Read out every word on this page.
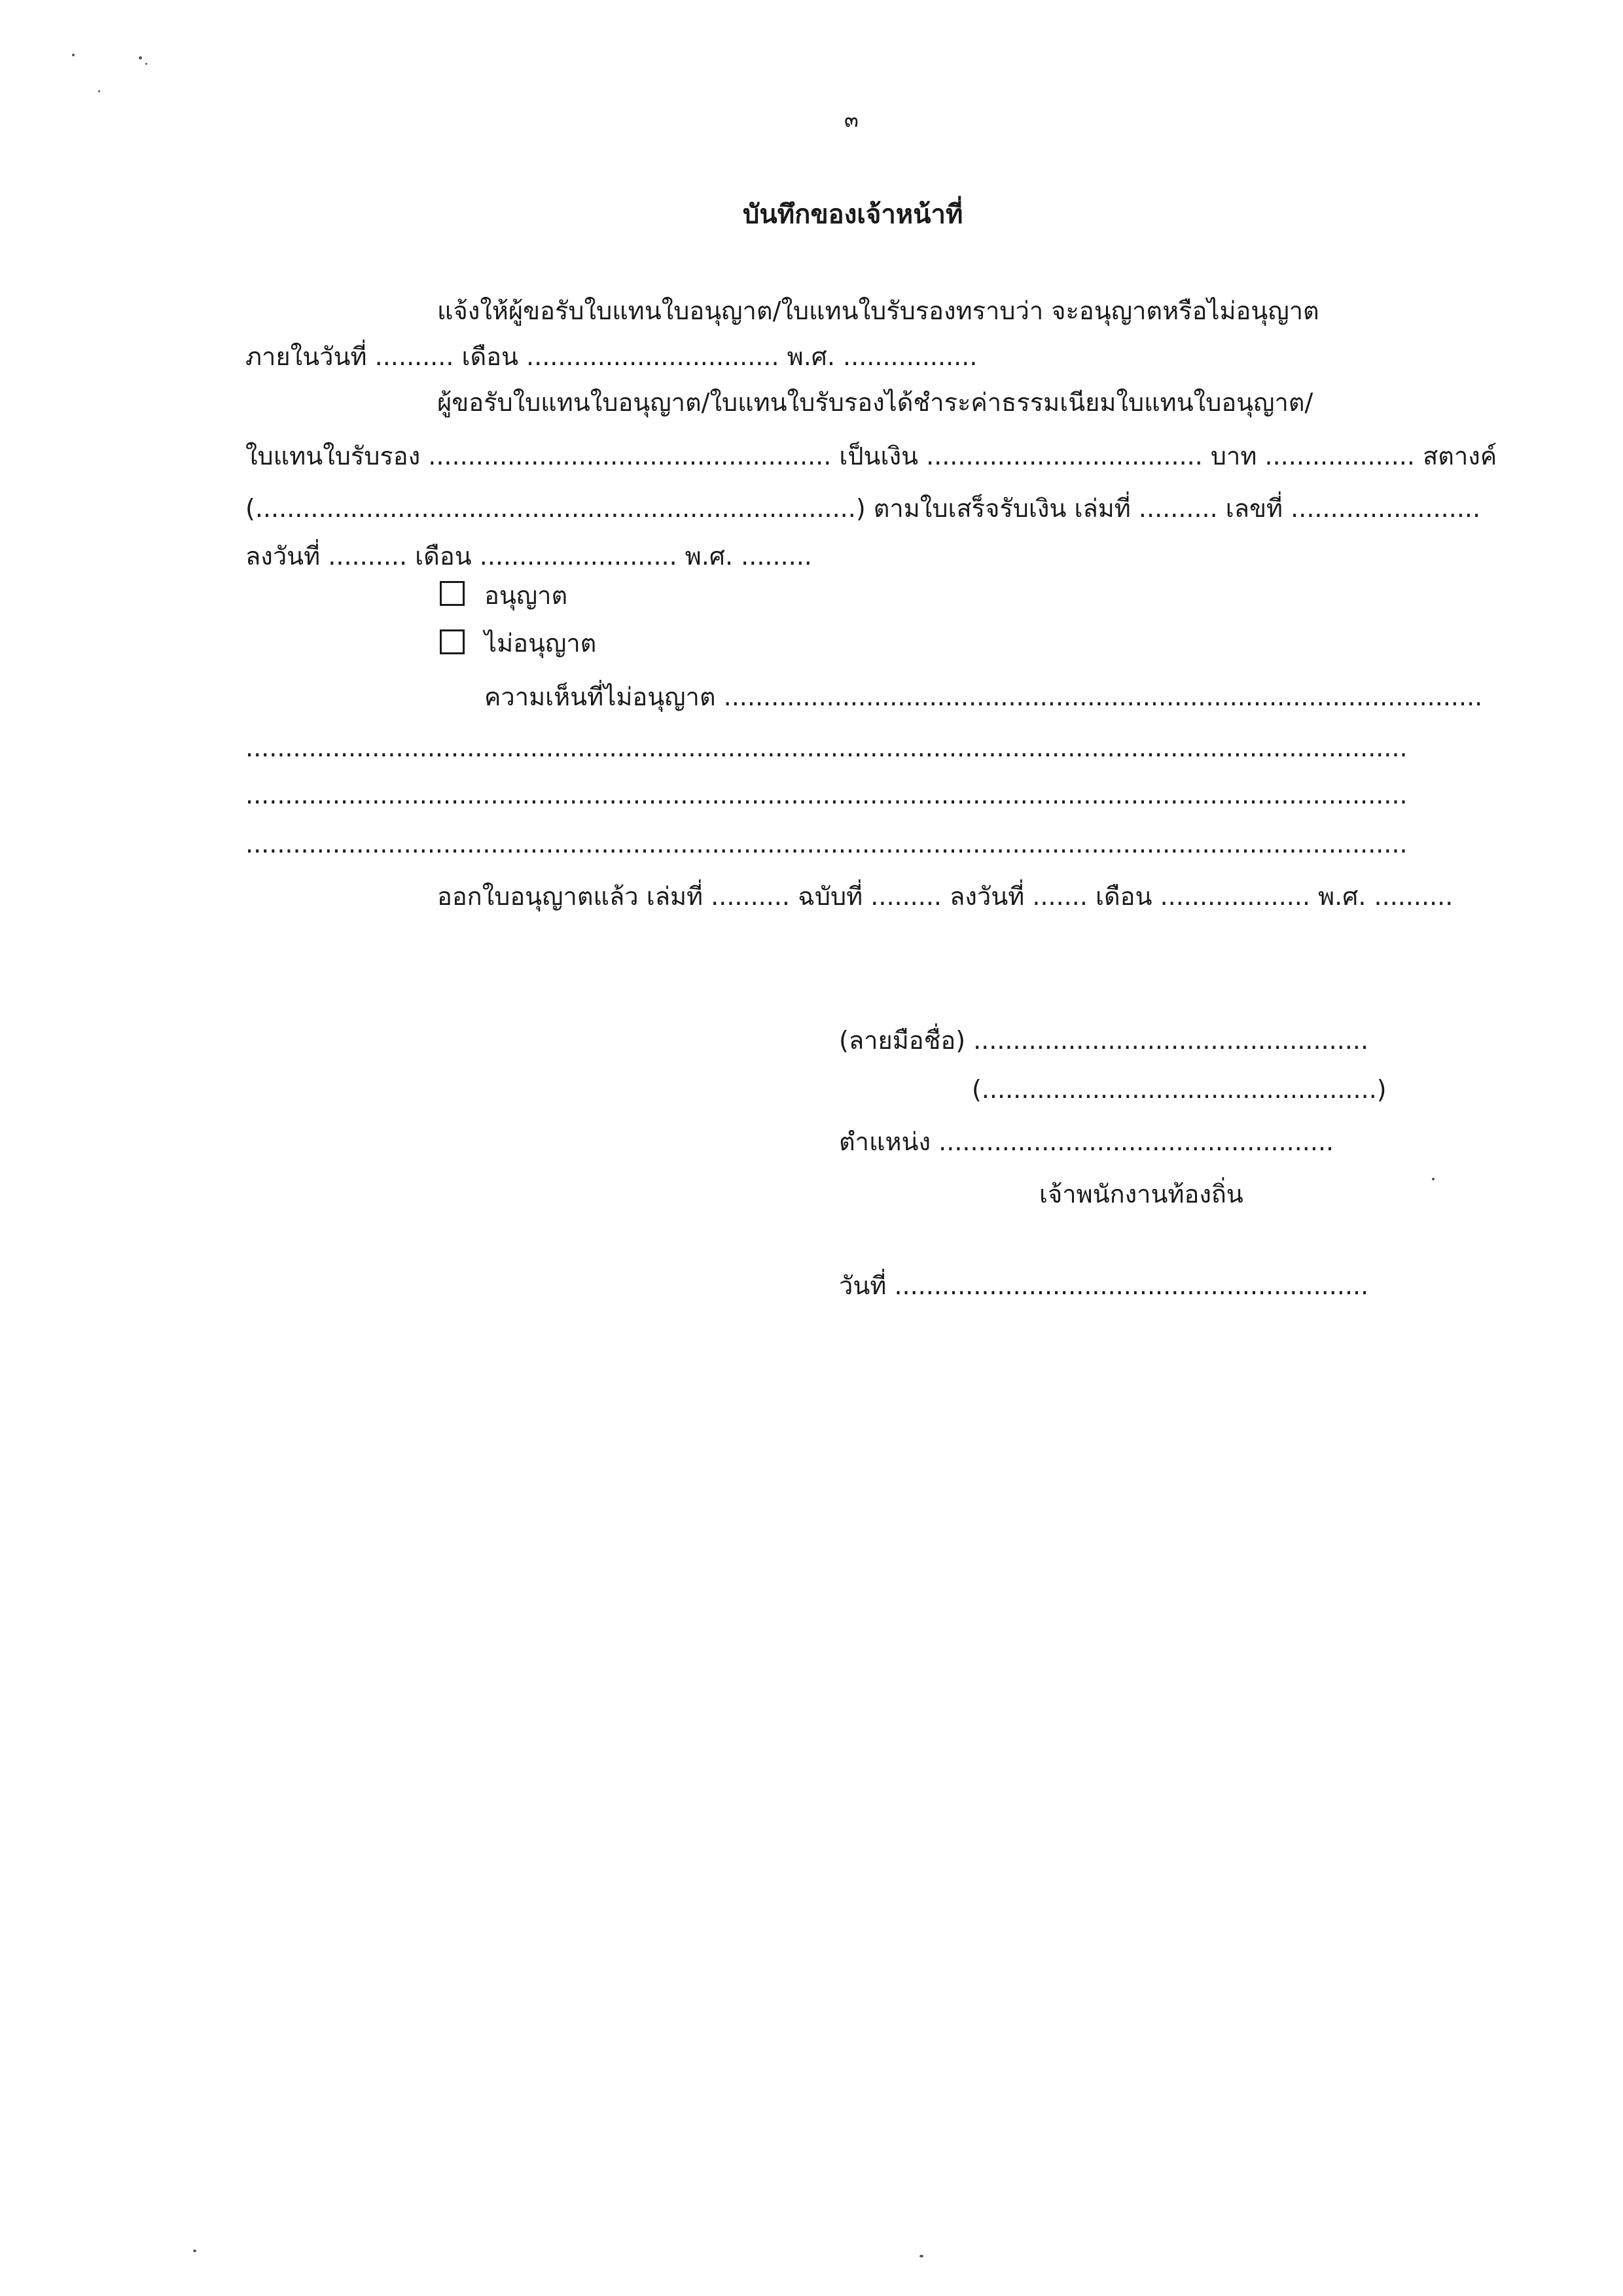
๓
บันทึกของเจ้าหน้าที่
แจ้งให้ผู้ขอรับใบแทนใบอนุญาต/ใบแทนใบรับรองทราบว่า จะอนุญาตหรือไม่อนุญาต
ภายในวันที่ .......... เดือน ................................ พ.ศ. .................
ผู้ขอรับใบแทนใบอนุญาต/ใบแทนใบรับรองได้ชำระค่าธรรมเนียมใบแทนใบอนุญาต/
ใบแทนใบรับรอง ................................................... เป็นเงิน ................................... บาท ................... สตางค์
(............................................................................) ตามใบเสร็จรับเงิน เล่มที่ .......... เลขที่ ........................
ลงวันที่ .......... เดือน ......................... พ.ศ. .........
อนุญาต
ไม่อนุญาต
ความเห็นที่ไม่อนุญาต ................................................................................................
...................................................................................................................................................
...................................................................................................................................................
...................................................................................................................................................
ออกใบอนุญาตแล้ว เล่มที่ .......... ฉบับที่ ......... ลงวันที่ ....... เดือน ................... พ.ศ. ..........
(ลายมือชื่อ) ..................................................
(..................................................)
ตำแหน่ง ..................................................
เจ้าพนักงานท้องถิ่น
วันที่ ............................................................
